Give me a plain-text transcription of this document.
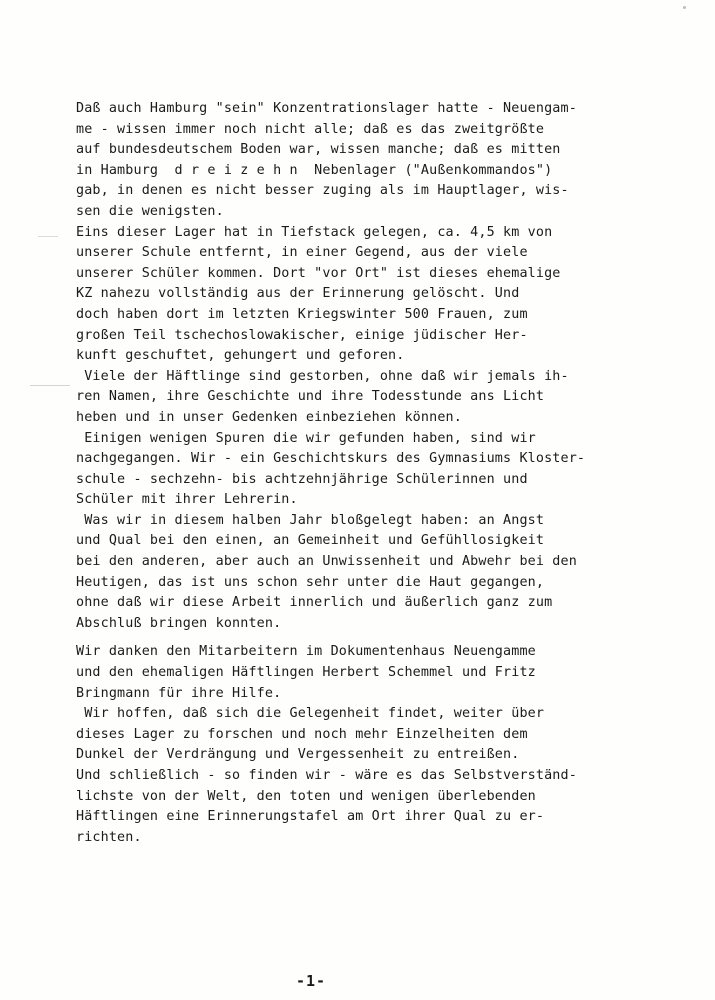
Daß auch Hamburg "sein" Konzentrationslager hatte - Neuengam-
me - wissen immer noch nicht alle; daß es das zweitgrößte
auf bundesdeutschem Boden war, wissen manche; daß es mitten
in Hamburg  d r e i z e h n  Nebenlager ("Außenkommandos")
gab, in denen es nicht besser zuging als im Hauptlager, wis-
sen die wenigsten.
Eins dieser Lager hat in Tiefstack gelegen, ca. 4,5 km von
unserer Schule entfernt, in einer Gegend, aus der viele
unserer Schüler kommen. Dort "vor Ort" ist dieses ehemalige
KZ nahezu vollständig aus der Erinnerung gelöscht. Und
doch haben dort im letzten Kriegswinter 500 Frauen, zum
großen Teil tschechoslowakischer, einige jüdischer Her-
kunft geschuftet, gehungert und geforen.
Viele der Häftlinge sind gestorben, ohne daß wir jemals ih-
ren Namen, ihre Geschichte und ihre Todesstunde ans Licht
heben und in unser Gedenken einbeziehen können.
Einigen wenigen Spuren die wir gefunden haben, sind wir
nachgegangen. Wir - ein Geschichtskurs des Gymnasiums Kloster-
schule - sechzehn- bis achtzehnjährige Schülerinnen und
Schüler mit ihrer Lehrerin.
Was wir in diesem halben Jahr bloßgelegt haben: an Angst
und Qual bei den einen, an Gemeinheit und Gefühllosigkeit
bei den anderen, aber auch an Unwissenheit und Abwehr bei den
Heutigen, das ist uns schon sehr unter die Haut gegangen,
ohne daß wir diese Arbeit innerlich und äußerlich ganz zum
Abschluß bringen konnten.
Wir danken den Mitarbeitern im Dokumentenhaus Neuengamme
und den ehemaligen Häftlingen Herbert Schemmel und Fritz
Bringmann für ihre Hilfe.
Wir hoffen, daß sich die Gelegenheit findet, weiter über
dieses Lager zu forschen und noch mehr Einzelheiten dem
Dunkel der Verdrängung und Vergessenheit zu entreißen.
Und schließlich - so finden wir - wäre es das Selbstverständ-
lichste von der Welt, den toten und wenigen überlebenden
Häftlingen eine Erinnerungstafel am Ort ihrer Qual zu er-
richten.
-1-
